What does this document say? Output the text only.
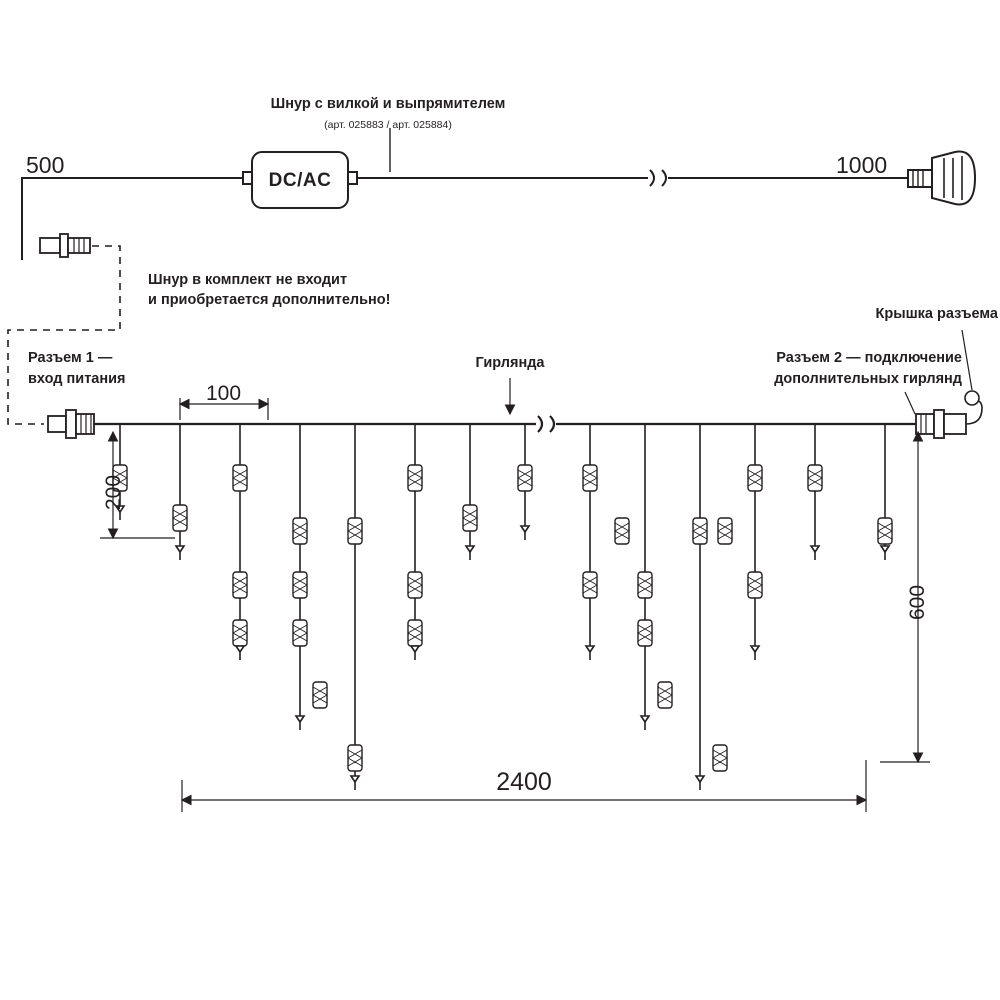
Шнур с вилкой и выпрямителем
(арт. 025883 / арт. 025884)
500	1000
DC/AC
Шнур в комплект не входит
и приобретается дополнительно!
Разъем 1 —
вход питания
Гирлянда	Разъем 2 — подключение
дополнительных гирлянд
Крышка разъема
100
200
600
2400
